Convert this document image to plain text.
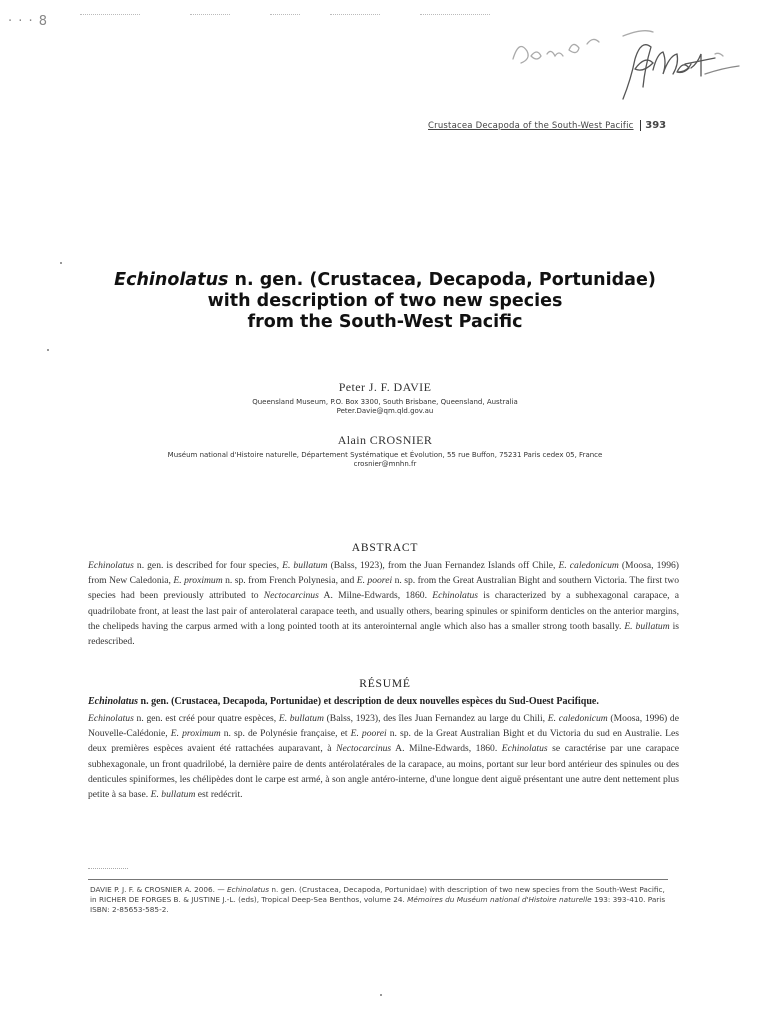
· · · 8
Crustacea Decapoda of the South-West Pacific 393
Echinolatus n. gen. (Crustacea, Decapoda, Portunidae)
with description of two new species
from the South-West Pacific
Peter J. F. DAVIE
Queensland Museum, P.O. Box 3300, South Brisbane, Queensland, Australia
Peter.Davie@qm.qld.gov.au
Alain CROSNIER
Muséum national d'Histoire naturelle, Département Systématique et Évolution, 55 rue Buffon, 75231 Paris cedex 05, France
crosnier@mnhn.fr
ABSTRACT
Echinolatus n. gen. is described for four species, E. bullatum (Balss, 1923), from the Juan Fernandez Islands off Chile, E. caledonicum (Moosa, 1996) from New Caledonia, E. proximum n. sp. from French Polynesia, and E. poorei n. sp. from the Great Australian Bight and southern Victoria. The first two species had been previously attributed to Nectocarcinus A. Milne-Edwards, 1860. Echinolatus is characterized by a subhexagonal carapace, a quadrilobate front, at least the last pair of anterolateral carapace teeth, and usually others, bearing spinules or spiniform denticles on the anterior margins, the chelipeds having the carpus armed with a long pointed tooth at its anterointernal angle which also has a smaller strong tooth basally. E. bullatum is redescribed.
RÉSUMÉ
Echinolatus n. gen. (Crustacea, Decapoda, Portunidae) et description de deux nouvelles espèces du Sud-Ouest Pacifique.
Echinolatus n. gen. est créé pour quatre espèces, E. bullatum (Balss, 1923), des îles Juan Fernandez au large du Chili, E. caledonicum (Moosa, 1996) de Nouvelle-Calédonie, E. proximum n. sp. de Polynésie française, et E. poorei n. sp. de la Great Australian Bight et du Victoria du sud en Australie. Les deux premières espèces avaient été rattachées auparavant, à Nectocarcinus A. Milne-Edwards, 1860. Echinolatus se caractérise par une carapace subhexagonale, un front quadrilobé, la dernière paire de dents antérolatérales de la carapace, au moins, portant sur leur bord antérieur des spinules ou des denticules spiniformes, les chélipèdes dont le carpe est armé, à son angle antéro-interne, d'une longue dent aiguë présentant une autre dent nettement plus petite à sa base. E. bullatum est redécrit.
DAVIE P. J. F. & CROSNIER A. 2006. — Echinolatus n. gen. (Crustacea, Decapoda, Portunidae) with description of two new species from the South-West Pacific, in RICHER DE FORGES B. & JUSTINE J.-L. (eds), Tropical Deep-Sea Benthos, volume 24. Mémoires du Muséum national d'Histoire naturelle 193: 393-410. Paris ISBN: 2-85653-585-2.
